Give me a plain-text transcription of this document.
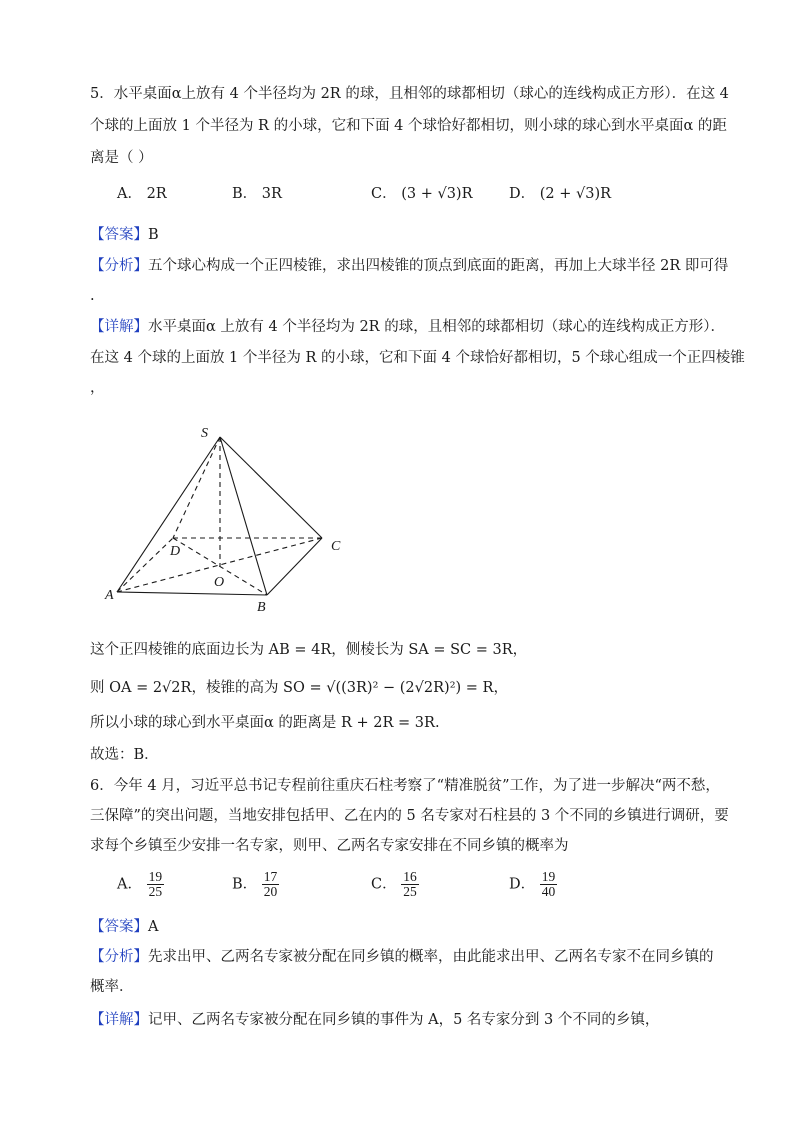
5．水平桌面α上放有 4 个半径均为 2R 的球，且相邻的球都相切（球心的连线构成正方形）．在这 4
个球的上面放 1 个半径为 R 的小球，它和下面 4 个球恰好都相切，则小球的球心到水平桌面α 的距
离是（ ）
A． 2R	B． 3R	C． (3 + √3)R	D． (2 + √3)R
【答案】B
【分析】五个球心构成一个正四棱锥，求出四棱锥的顶点到底面的距离，再加上大球半径 2R 即可得
.
【详解】水平桌面α 上放有 4 个半径均为 2R 的球，且相邻的球都相切（球心的连线构成正方形）．
在这 4 个球的上面放 1 个半径为 R 的小球，它和下面 4 个球恰好都相切，5 个球心组成一个正四棱锥
，
S
A
B
C
D
O
这个正四棱锥的底面边长为 AB = 4R，侧棱长为 SA = SC = 3R，
则 OA = 2√2R，棱锥的高为 SO = √((3R)² − (2√2R)²) = R，
所以小球的球心到水平桌面α 的距离是 R + 2R = 3R.
故选：B．
6．今年 4 月，习近平总书记专程前往重庆石柱考察了“精准脱贫”工作，为了进一步解决“两不愁，
三保障”的突出问题，当地安排包括甲、乙在内的 5 名专家对石柱县的 3 个不同的乡镇进行调研，要
求每个乡镇至少安排一名专家，则甲、乙两名专家安排在不同乡镇的概率为
A． $\frac{19}{25}$	B． $\frac{17}{20}$	C． $\frac{16}{25}$	D． $\frac{19}{40}$
【答案】A
【分析】先求出甲、乙两名专家被分配在同乡镇的概率，由此能求出甲、乙两名专家不在同乡镇的
概率．
【详解】记甲、乙两名专家被分配在同乡镇的事件为 A，5 名专家分到 3 个不同的乡镇，
